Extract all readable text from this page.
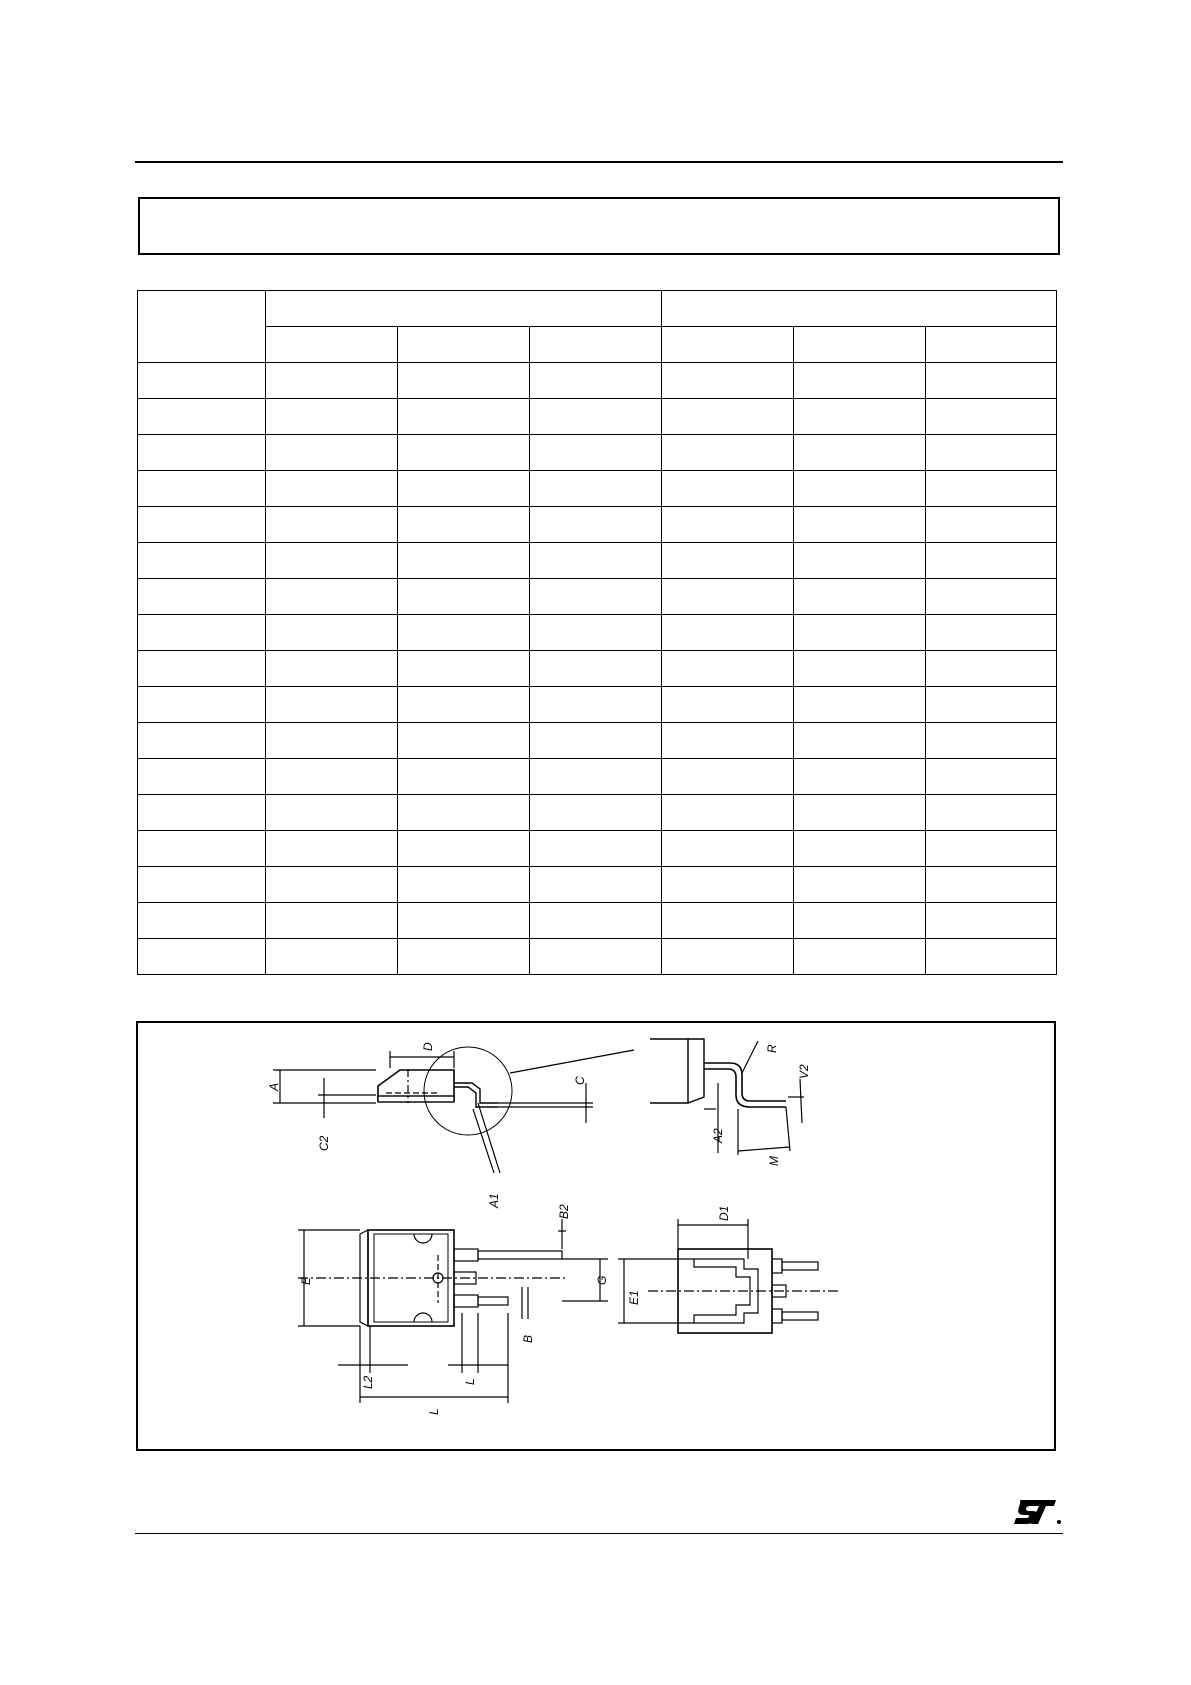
D
A
C2
C
A1
R
V2
A2
M
B2
E	G
B
L2	L
L
D1
E1
